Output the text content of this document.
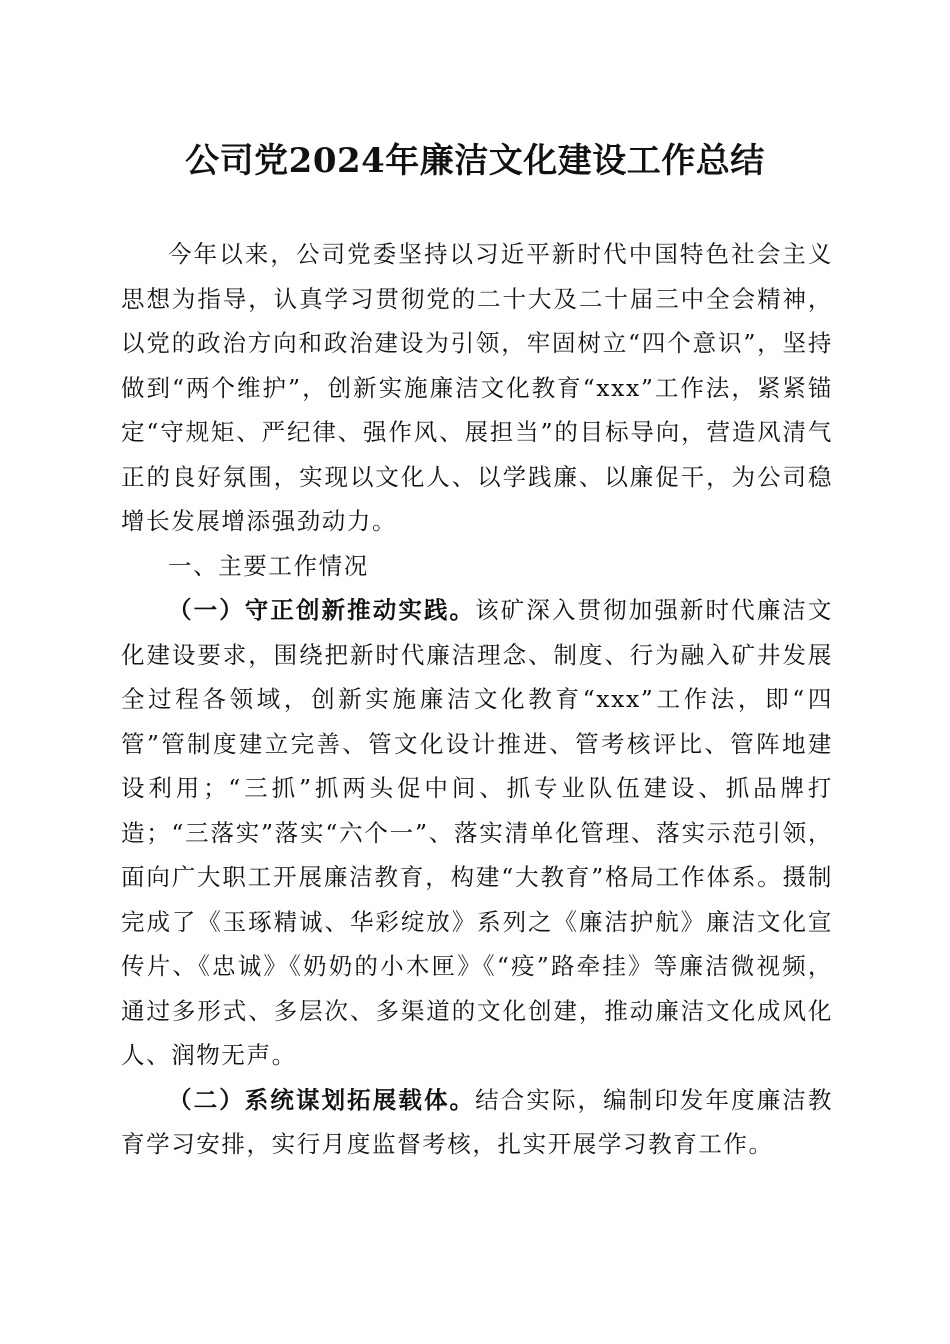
公司党2024年廉洁文化建设工作总结

今年以来，公司党委坚持以习近平新时代中国特色社会主义思想为指导，认真学习贯彻党的二十大及二十届三中全会精神，以党的政治方向和政治建设为引领，牢固树立“四个意识”，坚持做到“两个维护”，创新实施廉洁文化教育“xxx”工作法，紧紧锚定“守规矩、严纪律、强作风、展担当”的目标导向，营造风清气正的良好氛围，实现以文化人、以学践廉、以廉促干，为公司稳增长发展增添强劲动力。

一、主要工作情况

（一）守正创新推动实践。该矿深入贯彻加强新时代廉洁文化建设要求，围绕把新时代廉洁理念、制度、行为融入矿井发展全过程各领域，创新实施廉洁文化教育“xxx”工作法，即“四管”管制度建立完善、管文化设计推进、管考核评比、管阵地建设利用；“三抓”抓两头促中间、抓专业队伍建设、抓品牌打造；“三落实”落实“六个一”、落实清单化管理、落实示范引领，面向广大职工开展廉洁教育，构建“大教育”格局工作体系。摄制完成了《玉琢精诚、华彩绽放》系列之《廉洁护航》廉洁文化宣传片、《忠诚》《奶奶的小木匣》《“疫”路牵挂》等廉洁微视频，通过多形式、多层次、多渠道的文化创建，推动廉洁文化成风化人、润物无声。

（二）系统谋划拓展载体。结合实际，编制印发年度廉洁教育学习安排，实行月度监督考核，扎实开展学习教育工作。
